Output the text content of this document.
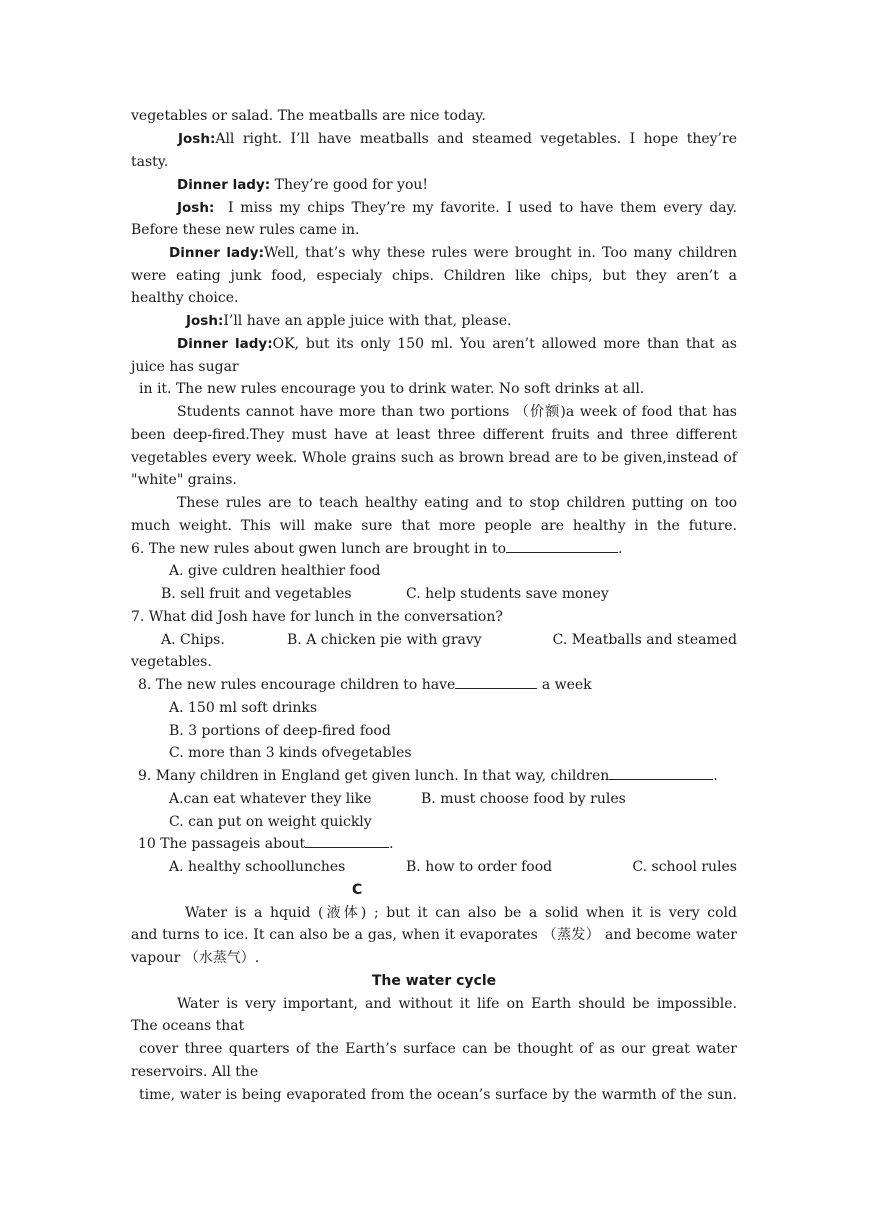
vegetables or salad. The meatballs are nice today.
Josh:All right. I’ll have meatballs and steamed vegetables. I hope they’re
tasty.
Dinner lady: They’re good for you!
Josh: I miss my chips They’re my favorite. I used to have them every day.
Before these new rules came in.
Dinner lady:Well, that’s why these rules were brought in. Too many children
were eating junk food, especialy chips. Children like chips, but they aren’t a
healthy choice.
Josh:I’ll have an apple juice with that, please.
Dinner lady:OK, but its only 150 ml. You aren’t allowed more than that as
juice has sugar
in it. The new rules encourage you to drink water. No soft drinks at all.
Students cannot have more than two portions （价额)a week of food that has
been deep-fired.They must have at least three different fruits and three different
vegetables every week. Whole grains such as brown bread are to be given,instead of
"white" grains.
These rules are to teach healthy eating and to stop children putting on too
much weight. This will make sure that more people are healthy in the future.
6. The new rules about gwen lunch are brought in to	.
A. give culdren healthier food
B. sell fruit and vegetables	C. help students save money
7. What did Josh have for lunch in the conversation?
A. Chips.	B. A chicken pie with gravy	C. Meatballs and steamed
vegetables.
8. The new rules encourage children to have	a week
A. 150 ml soft drinks
B. 3 portions of deep-fired food
C. more than 3 kinds ofvegetables
9. Many children in England get given lunch. In that way, children	.
A.can eat whatever they like	B. must choose food by rules
C. can put on weight quickly
10 The passageis about	.
A. healthy schoollunches	B. how to order food	C. school rules
C
Water is a hquid (液体) ; but it can also be a solid when it is very cold
and turns to ice. It can also be a gas, when it evaporates （蒸发） and become water
vapour （水蒸气）.
The water cycle
Water is very important, and without it life on Earth should be impossible.
The oceans that
cover three quarters of the Earth’s surface can be thought of as our great water
reservoirs. All the
time, water is being evaporated from the ocean’s surface by the warmth of the sun.
